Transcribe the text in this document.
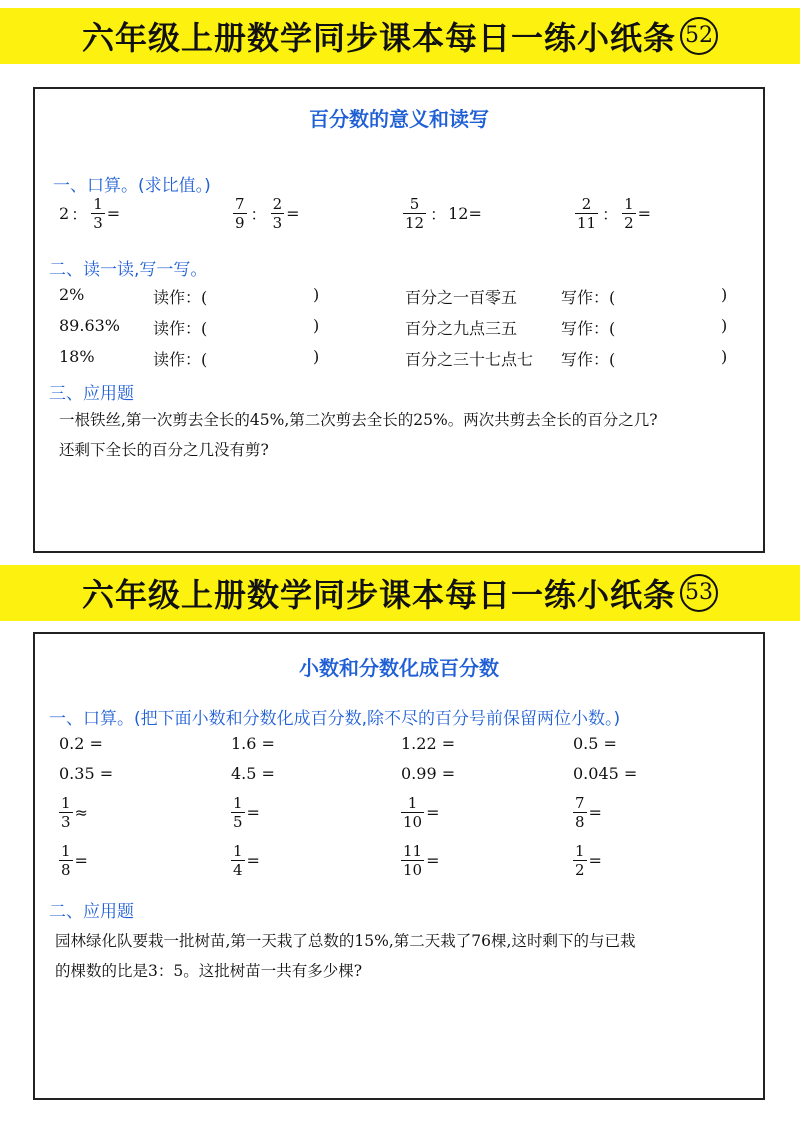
六年级上册数学同步课本每日一练小纸条 52
百分数的意义和读写
一、口算。(求比值。)
2 ： $\frac{1}{3}$ =	$\frac{7}{9}$ ： $\frac{2}{3}$ =	$\frac{5}{12}$ ： 12 =	$\frac{2}{11}$ ： $\frac{1}{2}$ =
二、读一读,写一写。
2%	读作：(	)	百分之一百零五	写作：(	)
89.63% 读作：(	)	百分之九点三五	写作：(	)
18%	读作：(	)	百分之三十七点七 写作：(	)
三、应用题
一根铁丝,第一次剪去全长的45%,第二次剪去全长的25%。两次共剪去全长的百分之几?
还剩下全长的百分之几没有剪?
六年级上册数学同步课本每日一练小纸条 53
小数和分数化成百分数
一、口算。(把下面小数和分数化成百分数,除不尽的百分号前保留两位小数。)
0.2 =	1.6 =	1.22 =	0.5 =
0.35 =	4.5 =	0.99 =	0.045 =
$\frac{1}{3}$ ≈	$\frac{1}{5}$ =	$\frac{1}{10}$ =	$\frac{7}{8}$ =
$\frac{1}{8}$ =	$\frac{1}{4}$ =	$\frac{11}{10}$ =	$\frac{1}{2}$ =
二、应用题
园林绿化队要栽一批树苗,第一天栽了总数的15%,第二天栽了76棵,这时剩下的与已栽
的棵数的比是3：5。这批树苗一共有多少棵?
